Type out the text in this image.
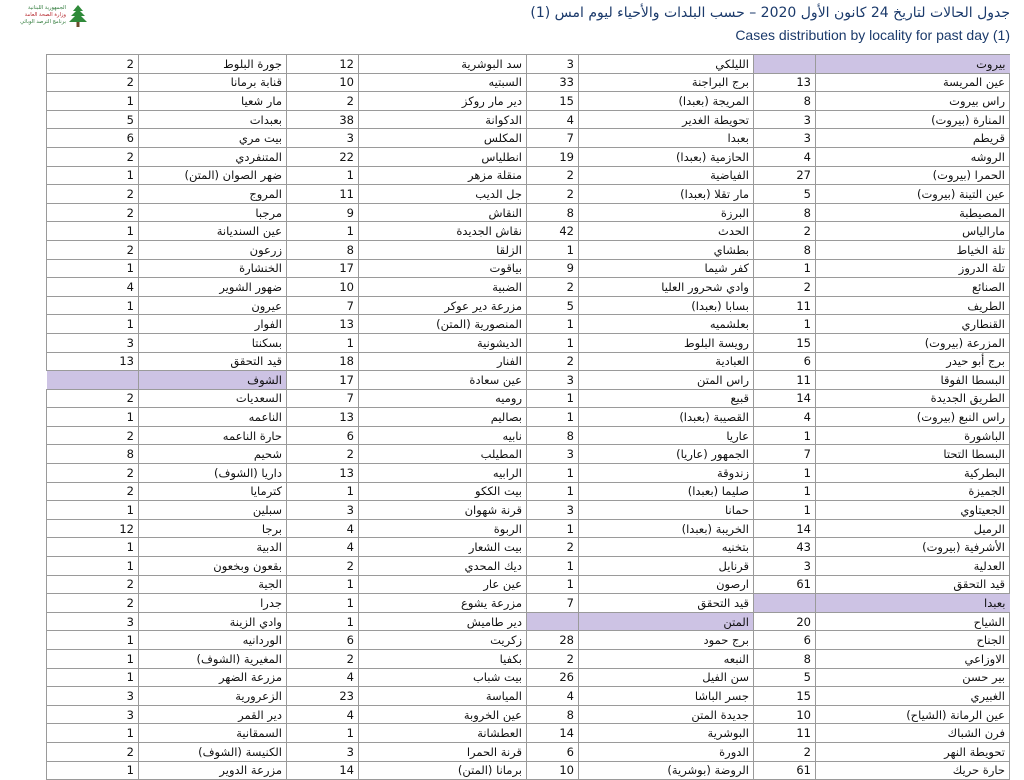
الجمهورية اللبنانية
وزارة الصحة العامة
برنامج الترصد الوبائي
جدول الحالات لتاريخ 24 كانون الأول 2020 – حسب البلدات والأحياء ليوم امس (1)
Cases distribution by locality for past day (1)
2	جورة البلوط	12	سد البوشرية	3	الليلكي		بيروت
2	قنابة برمانا	10	السبتيه	33	برج البراجنة	13	عين المريسة
1	مار شعيا	2	دير مار روكز	15	المريجة (بعبدا)	8	راس بيروت
5	بعبدات	38	الدكوانة	4	تحويطة الغدير	3	المنارة (بيروت)
6	بيت مري	3	المكلس	7	بعبدا	3	قريطم
2	المتنفردي	22	انطلياس	19	الحازمية (بعبدا)	4	الروشه
1	ضهر الصوان (المتن)	1	منقلة مزهر	2	الفياضية	27	الحمرا (بيروت)
2	المروج	11	جل الديب	2	مار تقلا (بعبدا)	5	عين التينة (بيروت)
2	مرجبا	9	النقاش	8	البرزة	8	المصيطبة
1	عين السنديانة	1	نقاش الجديدة	42	الحدث	2	مارالياس
2	زرعون	8	الزلقا	1	بطشاي	8	تلة الخياط
1	الخنشارة	17	بياقوت	9	كفر شيما	1	تلة الدروز
4	ضهور الشوير	10	الضبية	2	وادي شحرور العليا	2	الصنائع
1	عيرون	7	مزرعة دير عوكر	5	بسابا (بعبدا)	11	الطريف
1	الفوار	13	المنصورية (المتن)	1	بعلشميه	1	القنطاري
3	بسكنتا	1	الديشونية	1	رويسة البلوط	15	المزرعة (بيروت)
13	قيد التحقق	18	الفنار	2	العبادية	6	برج أبو حيدر
	الشوف	17	عين سعادة	3	راس المتن	11	البسطا الفوقا
2	السعديات	7	روميه	1	قبيع	14	الطريق الجديدة
1	الناعمه	13	بصاليم	1	القصيبة (بعبدا)	4	راس النبع (بيروت)
2	حارة الناعمه	6	نابيه	8	عاريا	1	الباشورة
8	شحيم	2	المطيلب	3	الجمهور (عاريا)	7	البسطا التحتا
2	داريا (الشوف)	13	الرابيه	1	زندوقة	1	البطركية
2	كترمايا	1	بيت الككو	1	صليما (بعبدا)	1	الجميزة
1	سبلين	3	قرنة شهوان	3	حمانا	1	الجعيتاوي
12	برجا	4	الربوة	1	الخريبة (بعبدا)	14	الرميل
1	الدبية	4	بيت الشعار	2	بتخنيه	43	الأشرفية (بيروت)
1	بقعون وبخعون	2	ديك المحدي	1	قرنايل	3	العدلية
2	الجية	1	عين عار	1	ارصون	61	قيد التحقق
2	جدرا	1	مزرعة يشوع	7	قيد التحقق		بعبدا
3	وادي الزينة	1	دير طاميش		المتن	20	الشياح
1	الوردانيه	6	زكريت	28	برج حمود	6	الجناح
1	المغيرية (الشوف)	2	بكفيا	2	النبعه	8	الاوزاعي
1	مزرعة الضهر	4	بيت شباب	26	سن الفيل	5	بير حسن
3	الزعرورية	23	المياسة	4	جسر الباشا	15	الغبيري
3	دير القمر	4	عين الخروبة	8	جديدة المتن	10	عين الرمانة (الشياح)
1	السمقانية	1	العطشانة	14	البوشرية	11	فرن الشباك
2	الكنيسة (الشوف)	3	قرنة الحمرا	6	الدورة	2	تحويطة النهر
1	مزرعة الدوير	14	برمانا (المتن)	10	الروضة (بوشرية)	61	حارة حريك
